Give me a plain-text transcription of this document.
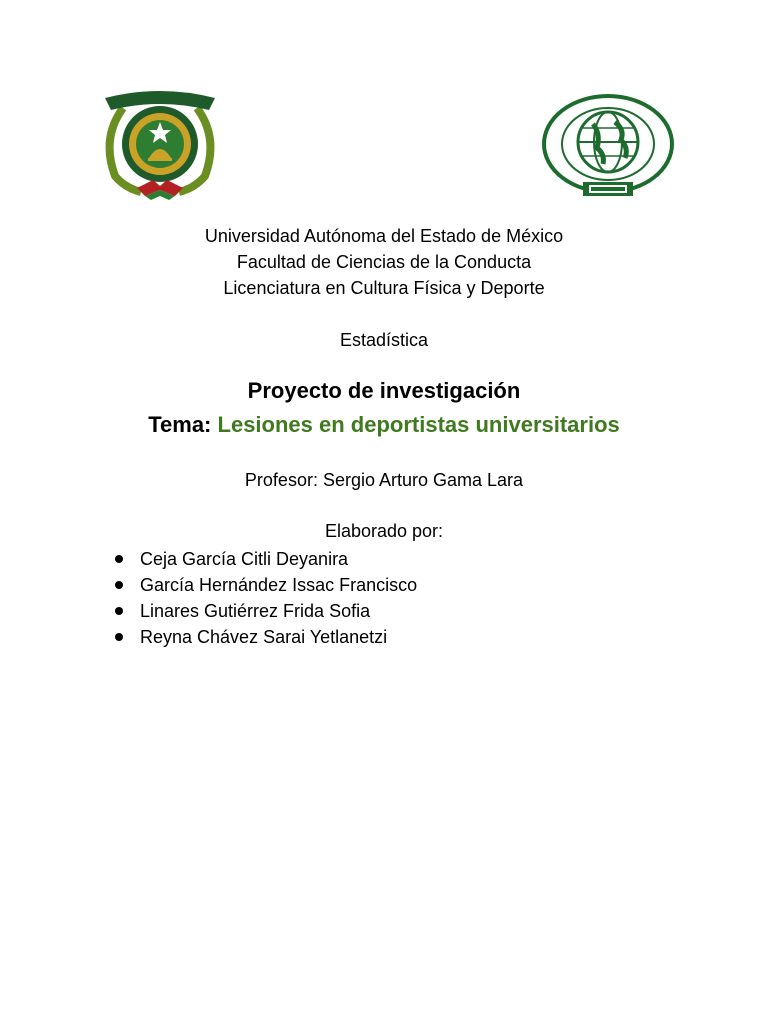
Universidad Autónoma del Estado de México
Facultad de Ciencias de la Conducta
Licenciatura en Cultura Física y Deporte
Estadística
Proyecto de investigación
Tema: Lesiones en deportistas universitarios
Profesor: Sergio Arturo Gama Lara
Elaborado por:
Ceja García Citli Deyanira
García Hernández Issac Francisco
Linares Gutiérrez Frida Sofia
Reyna Chávez Sarai Yetlanetzi
